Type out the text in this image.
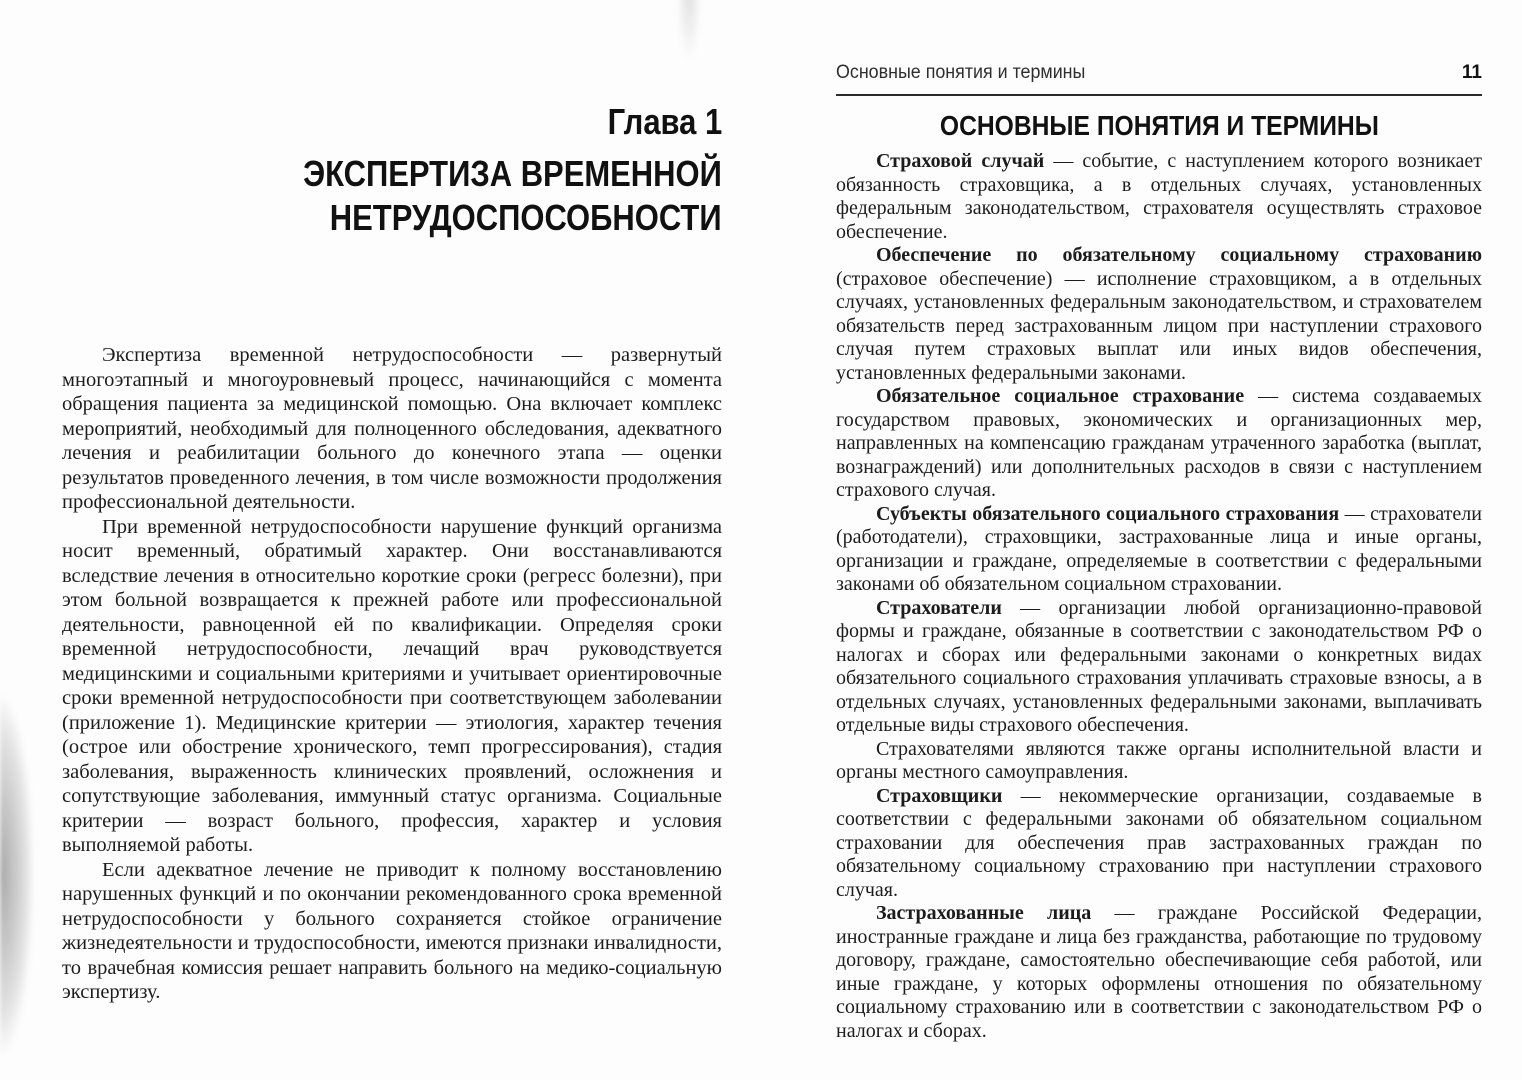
Глава 1
ЭКСПЕРТИЗА ВРЕМЕННОЙ
НЕТРУДОСПОСОБНОСТИ

Экспертиза временной нетрудоспособности — развернутый многоэтапный и многоуровневый процесс, начинающийся с момента обращения пациента за медицинской помощью. Она включает комплекс мероприятий, необходимый для полноценного обследования, адекватного лечения и реабилитации больного до конечного этапа — оценки результатов проведенного лечения, в том числе возможности продолжения профессиональной деятельности.

При временной нетрудоспособности нарушение функций организма носит временный, обратимый характер. Они восстанавливаются вследствие лечения в относительно короткие сроки (регресс болезни), при этом больной возвращается к прежней работе или профессиональной деятельности, равноценной ей по квалификации. Определяя сроки временной нетрудоспособности, лечащий врач руководствуется медицинскими и социальными критериями и учитывает ориентировочные сроки временной нетрудоспособности при соответствующем заболевании (приложение 1). Медицинские критерии — этиология, характер течения (острое или обострение хронического, темп прогрессирования), стадия заболевания, выраженность клинических проявлений, осложнения и сопутствующие заболевания, иммунный статус организма. Социальные критерии — возраст больного, профессия, характер и условия выполняемой работы.

Если адекватное лечение не приводит к полному восстановлению нарушенных функций и по окончании рекомендованного срока временной нетрудоспособности у больного сохраняется стойкое ограничение жизнедеятельности и трудоспособности, имеются признаки инвалидности, то врачебная комиссия решает направить больного на медико-социальную экспертизу.

Основные понятия и термины	11
ОСНОВНЫЕ ПОНЯТИЯ И ТЕРМИНЫ

Страховой случай — событие, с наступлением которого возникает обязанность страховщика, а в отдельных случаях, установленных федеральным законодательством, страхователя осуществлять страховое обеспечение.

Обеспечение по обязательному социальному страхованию (страховое обеспечение) — исполнение страховщиком, а в отдельных случаях, установленных федеральным законодательством, и страхователем обязательств перед застрахованным лицом при наступлении страхового случая путем страховых выплат или иных видов обеспечения, установленных федеральными законами.

Обязательное социальное страхование — система создаваемых государством правовых, экономических и организационных мер, направленных на компенсацию гражданам утраченного заработка (выплат, вознаграждений) или дополнительных расходов в связи с наступлением страхового случая.

Субъекты обязательного социального страхования — страхователи (работодатели), страховщики, застрахованные лица и иные органы, организации и граждане, определяемые в соответствии с федеральными законами об обязательном социальном страховании.

Страхователи — организации любой организационно-правовой формы и граждане, обязанные в соответствии с законодательством РФ о налогах и сборах или федеральными законами о конкретных видах обязательного социального страхования уплачивать страховые взносы, а в отдельных случаях, установленных федеральными законами, выплачивать отдельные виды страхового обеспечения.

Страхователями являются также органы исполнительной власти и органы местного самоуправления.

Страховщики — некоммерческие организации, создаваемые в соответствии с федеральными законами об обязательном социальном страховании для обеспечения прав застрахованных граждан по обязательному социальному страхованию при наступлении страхового случая.

Застрахованные лица — граждане Российской Федерации, иностранные граждане и лица без гражданства, работающие по трудовому договору, граждане, самостоятельно обеспечивающие себя работой, или иные граждане, у которых оформлены отношения по обязательному социальному страхованию или в соответствии с законодательством РФ о налогах и сборах.
